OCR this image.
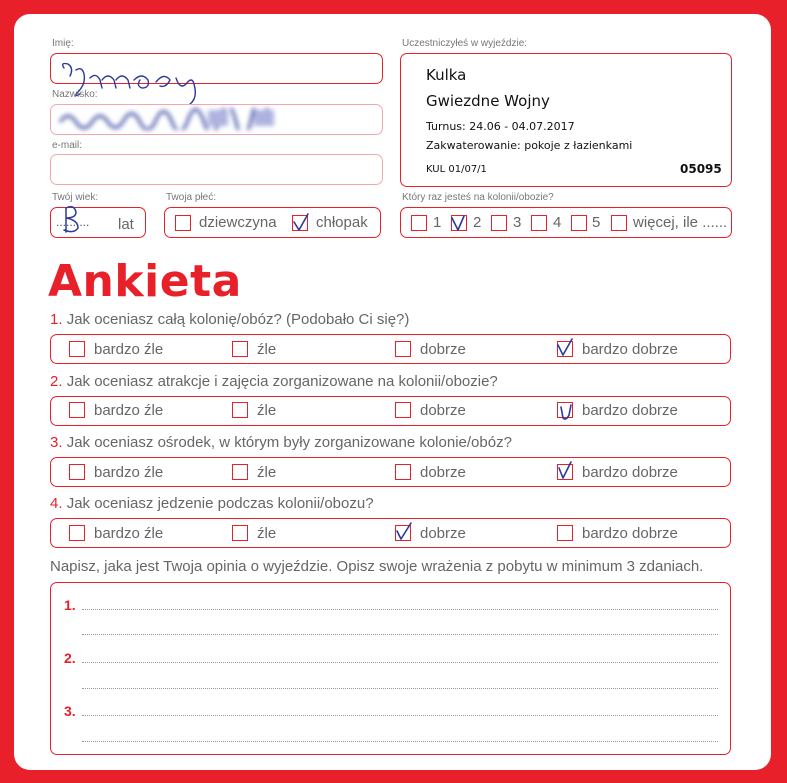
Imię:
Nazwisko:
e-mail:
Twój wiek:
.......... lat
Twoja płeć:
dziewczyna	chłopak
Uczestniczyłeś w wyjeździe:
Kulka
Gwiezdne Wojny
Turnus: 24.06 - 04.07.2017
Zakwaterowanie: pokoje z łazienkami
KUL 01/07/1	05095
Który raz jesteś na kolonii/obozie?
1 2 3 4 5 więcej, ile ......
Ankieta
1. Jak oceniasz całą kolonię/obóz? (Podobało Ci się?)
bardzo źle	źle	dobrze	bardzo dobrze
2. Jak oceniasz atrakcje i zajęcia zorganizowane na kolonii/obozie?
bardzo źle	źle	dobrze	bardzo dobrze
3. Jak oceniasz ośrodek, w którym były zorganizowane kolonie/obóz?
bardzo źle	źle	dobrze	bardzo dobrze
4. Jak oceniasz jedzenie podczas kolonii/obozu?
bardzo źle	źle	dobrze	bardzo dobrze
Napisz, jaka jest Twoja opinia o wyjeździe. Opisz swoje wrażenia z pobytu w minimum 3 zdaniach.
1.
2.
3.
